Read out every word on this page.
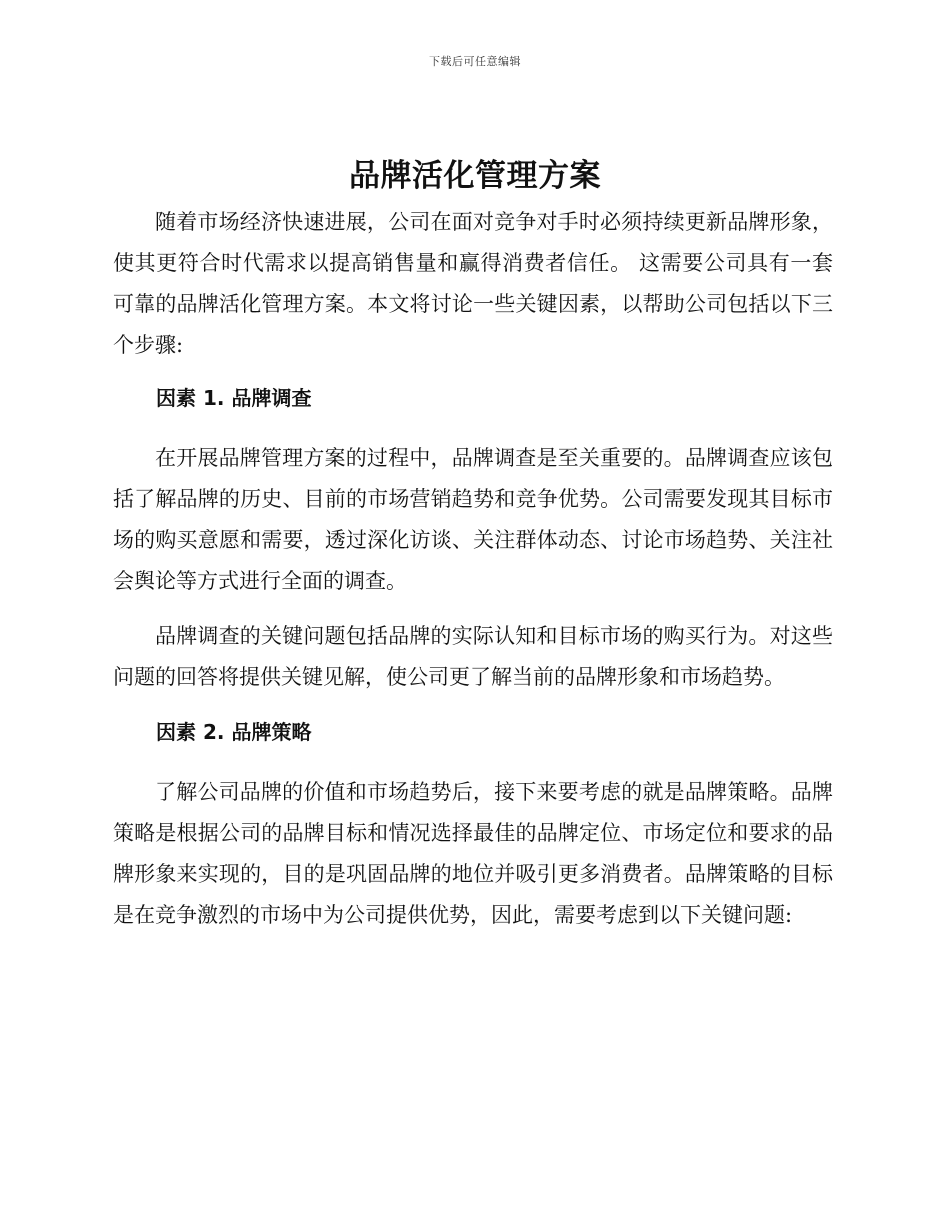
下载后可任意编辑
品牌活化管理方案

随着市场经济快速进展，公司在面对竞争对手时必须持续更新品牌形象，使其更符合时代需求以提高销售量和赢得消费者信任。 这需要公司具有一套可靠的品牌活化管理方案。本文将讨论一些关键因素，以帮助公司包括以下三个步骤:

因素 1. 品牌调查

在开展品牌管理方案的过程中，品牌调查是至关重要的。品牌调查应该包括了解品牌的历史、目前的市场营销趋势和竞争优势。公司需要发现其目标市场的购买意愿和需要，透过深化访谈、关注群体动态、讨论市场趋势、关注社会舆论等方式进行全面的调查。

品牌调查的关键问题包括品牌的实际认知和目标市场的购买行为。对这些问题的回答将提供关键见解，使公司更了解当前的品牌形象和市场趋势。

因素 2. 品牌策略

了解公司品牌的价值和市场趋势后，接下来要考虑的就是品牌策略。品牌策略是根据公司的品牌目标和情况选择最佳的品牌定位、市场定位和要求的品牌形象来实现的，目的是巩固品牌的地位并吸引更多消费者。品牌策略的目标是在竞争激烈的市场中为公司提供优势，因此，需要考虑到以下关键问题:
